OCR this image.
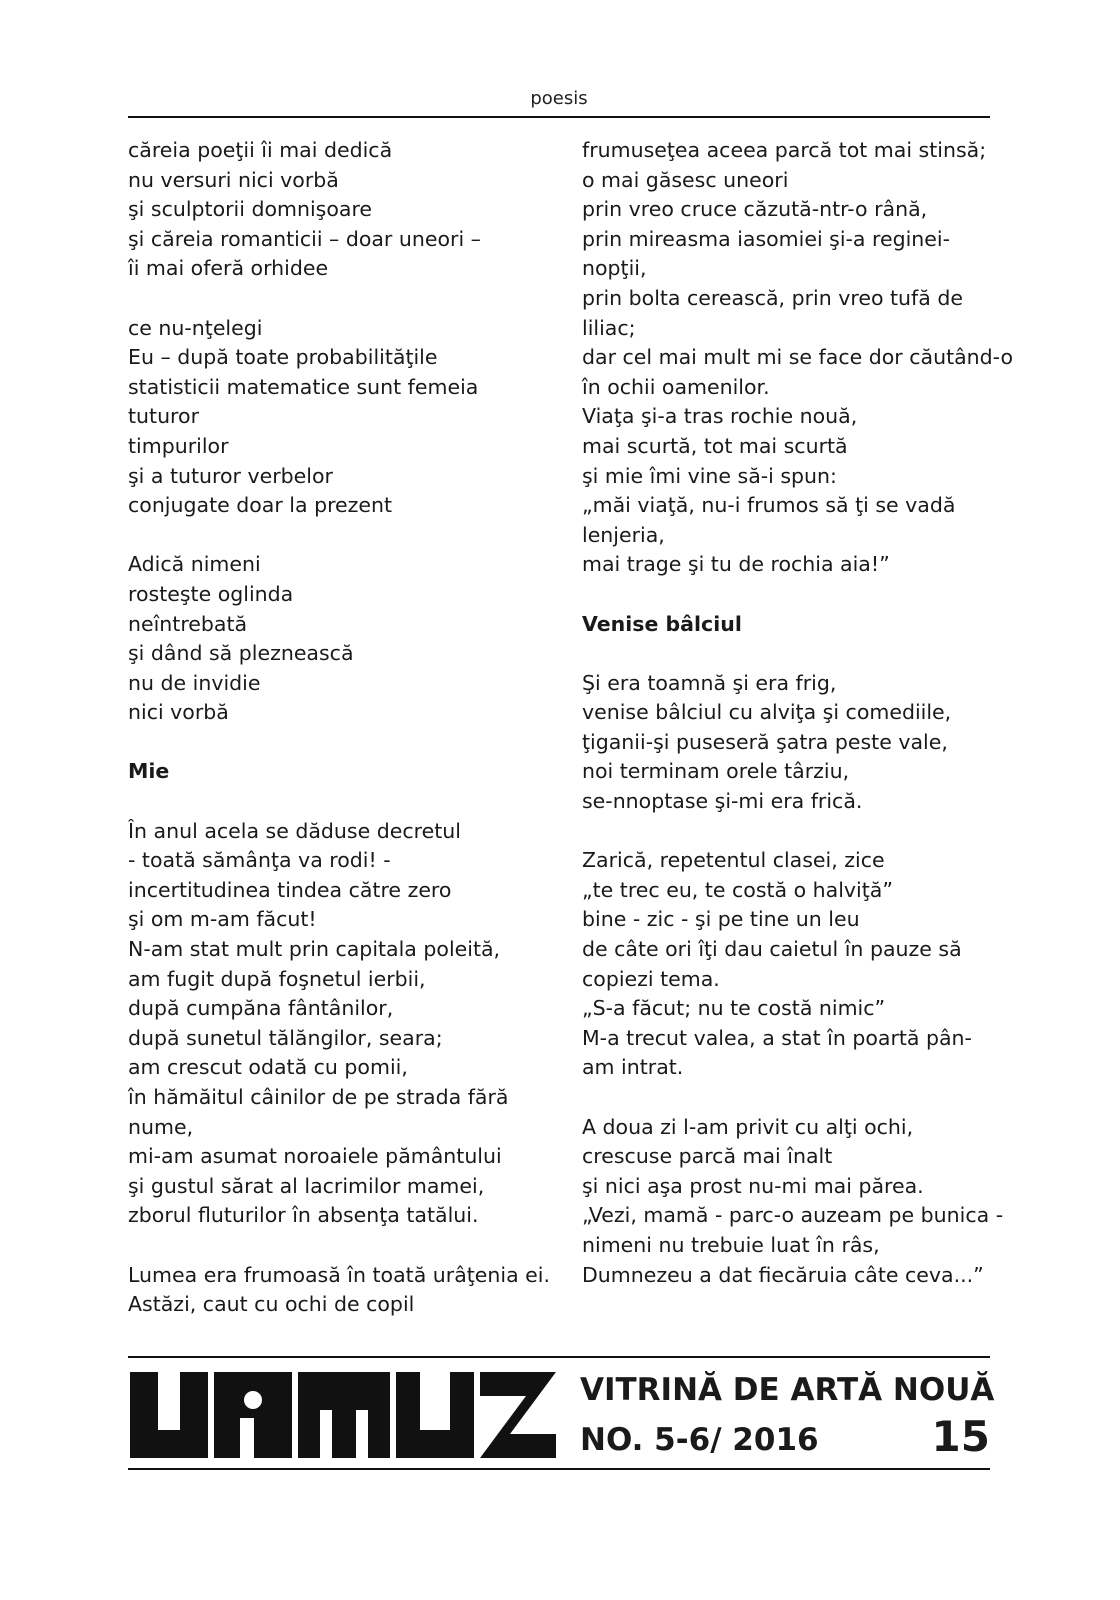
poesis
căreia poeţii îi mai dedică
nu versuri nici vorbă
şi sculptorii domnişoare
şi căreia romanticii – doar uneori –
îi mai oferă orhidee
ce nu-nţelegi
Eu – după toate probabilităţile
statisticii matematice sunt femeia
tuturor
timpurilor
şi a tuturor verbelor
conjugate doar la prezent
Adică nimeni
rosteşte oglinda
neîntrebată
şi dând să pleznească
nu de invidie
nici vorbă
Mie
În anul acela se dăduse decretul
- toată sămânţa va rodi! -
incertitudinea tindea către zero
şi om m-am făcut!
N-am stat mult prin capitala poleită,
am fugit după foşnetul ierbii,
după cumpăna fântânilor,
după sunetul tălăngilor, seara;
am crescut odată cu pomii,
în hămăitul câinilor de pe strada fără
nume,
mi-am asumat noroaiele pământului
şi gustul sărat al lacrimilor mamei,
zborul fluturilor în absenţa tatălui.
Lumea era frumoasă în toată urâţenia ei.
Astăzi, caut cu ochi de copil
frumuseţea aceea parcă tot mai stinsă;
o mai găsesc uneori
prin vreo cruce căzută-ntr-o rână,
prin mireasma iasomiei şi-a reginei-
nopţii,
prin bolta cerească, prin vreo tufă de
liliac;
dar cel mai mult mi se face dor căutând-o
în ochii oamenilor.
Viaţa şi-a tras rochie nouă,
mai scurtă, tot mai scurtă
şi mie îmi vine să-i spun:
„măi viaţă, nu-i frumos să ţi se vadă
lenjeria,
mai trage şi tu de rochia aia!”
Venise bâlciul
Şi era toamnă şi era frig,
venise bâlciul cu alviţa şi comediile,
ţiganii-şi puseseră şatra peste vale,
noi terminam orele târziu,
se-nnoptase şi-mi era frică.
Zarică, repetentul clasei, zice
„te trec eu, te costă o halviţă”
bine - zic - şi pe tine un leu
de câte ori îţi dau caietul în pauze să
copiezi tema.
„S-a făcut; nu te costă nimic”
M-a trecut valea, a stat în poartă pân-
am intrat.
A doua zi l-am privit cu alţi ochi,
crescuse parcă mai înalt
şi nici aşa prost nu-mi mai părea.
„Vezi, mamă - parc-o auzeam pe bunica -
nimeni nu trebuie luat în râs,
Dumnezeu a dat fiecăruia câte ceva...”
VITRINĂ DE ARTĂ NOUĂ
NO. 5-6/ 2016	15
